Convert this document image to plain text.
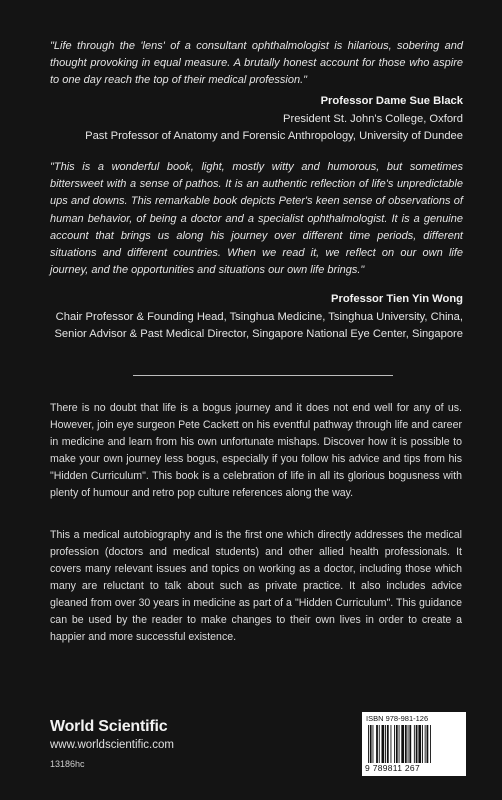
"Life through the 'lens' of a consultant ophthalmologist is hilarious, sobering and thought provoking in equal measure. A brutally honest account for those who aspire to one day reach the top of their medical profession."

Professor Dame Sue Black
President St. John's College, Oxford
Past Professor of Anatomy and Forensic Anthropology, University of Dundee

"This is a wonderful book, light, mostly witty and humorous, but sometimes bittersweet with a sense of pathos. It is an authentic reflection of life's unpredictable ups and downs. This remarkable book depicts Peter's keen sense of observations of human behavior, of being a doctor and a specialist ophthalmologist. It is a genuine account that brings us along his journey over different time periods, different situations and different countries. When we read it, we reflect on our own life journey, and the opportunities and situations our own life brings."

Professor Tien Yin Wong
Chair Professor & Founding Head, Tsinghua Medicine, Tsinghua University, China,
Senior Advisor & Past Medical Director, Singapore National Eye Center, Singapore

There is no doubt that life is a bogus journey and it does not end well for any of us. However, join eye surgeon Pete Cackett on his eventful pathway through life and career in medicine and learn from his own unfortunate mishaps. Discover how it is possible to make your own journey less bogus, especially if you follow his advice and tips from his "Hidden Curriculum". This book is a celebration of life in all its glorious bogusness with plenty of humour and retro pop culture references along the way.

This a medical autobiography and is the first one which directly addresses the medical profession (doctors and medical students) and other allied health professionals. It covers many relevant issues and topics on working as a doctor, including those which many are reluctant to talk about such as private practice. It also includes advice gleaned from over 30 years in medicine as part of a "Hidden Curriculum". This guidance can be used by the reader to make changes to their own lives in order to create a happier and more successful existence.

World Scientific
www.worldscientific.com
13186hc
ISBN 978-981-126
9 789811 267
